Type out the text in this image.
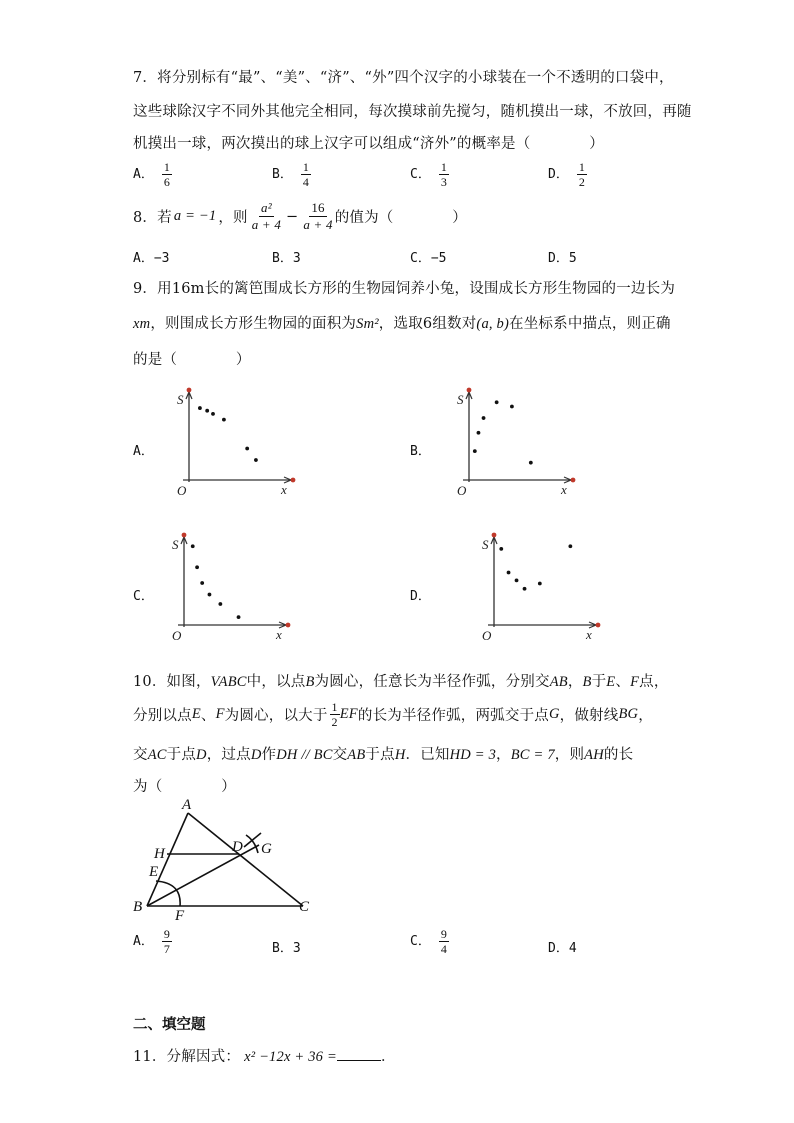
7．将分别标有“最”、“美”、“济”、“外”四个汉字的小球装在一个不透明的口袋中，
这些球除汉字不同外其他完全相同，每次摸球前先搅匀，随机摸出一球，不放回，再随
机摸出一球，两次摸出的球上汉字可以组成“济外”的概率是（　　　　）
A． $\frac{1}{6}$	B． $\frac{1}{4}$	C． $\frac{1}{3}$	D． $\frac{1}{2}$
8．若 a = −1 ，则 $\frac{\text{a²}}{a + 4} - \frac{16}{a + 4}$ 的值为（　　　　）
A．−3	B．3	C．−5	D．5
9．用16m长的篱笆围成长方形的生物园饲养小兔，设围成长方形生物园的一边长为
xm，则围成长方形生物园的面积为Sm²，选取6组数对(a, b)在坐标系中描点，则正确
的是（　　　　）
A．	B．
C．	D．
S
x
O
S
x
O
S
x
O
S
x
O
10．如图，VABC中，以点B为圆心，任意长为半径作弧，分别交AB，B于E、F点，
分别以点 E 、 F 为圆心，以大于 $\frac{1}{2}$ EF 的长为半径作弧，两弧交于点 G ，做射线 BG ，
交AC于点D，过点D作DH // BC交AB于点H．已知HD = 3，BC = 7，则AH的长
为（　　　　）
A
H	D G
E
B
F
C
A． $\frac{9}{7}$	B．3	C． $\frac{9}{4}$	D．4
二、填空题
11．分解因式： x² −12x + 36 =	．
